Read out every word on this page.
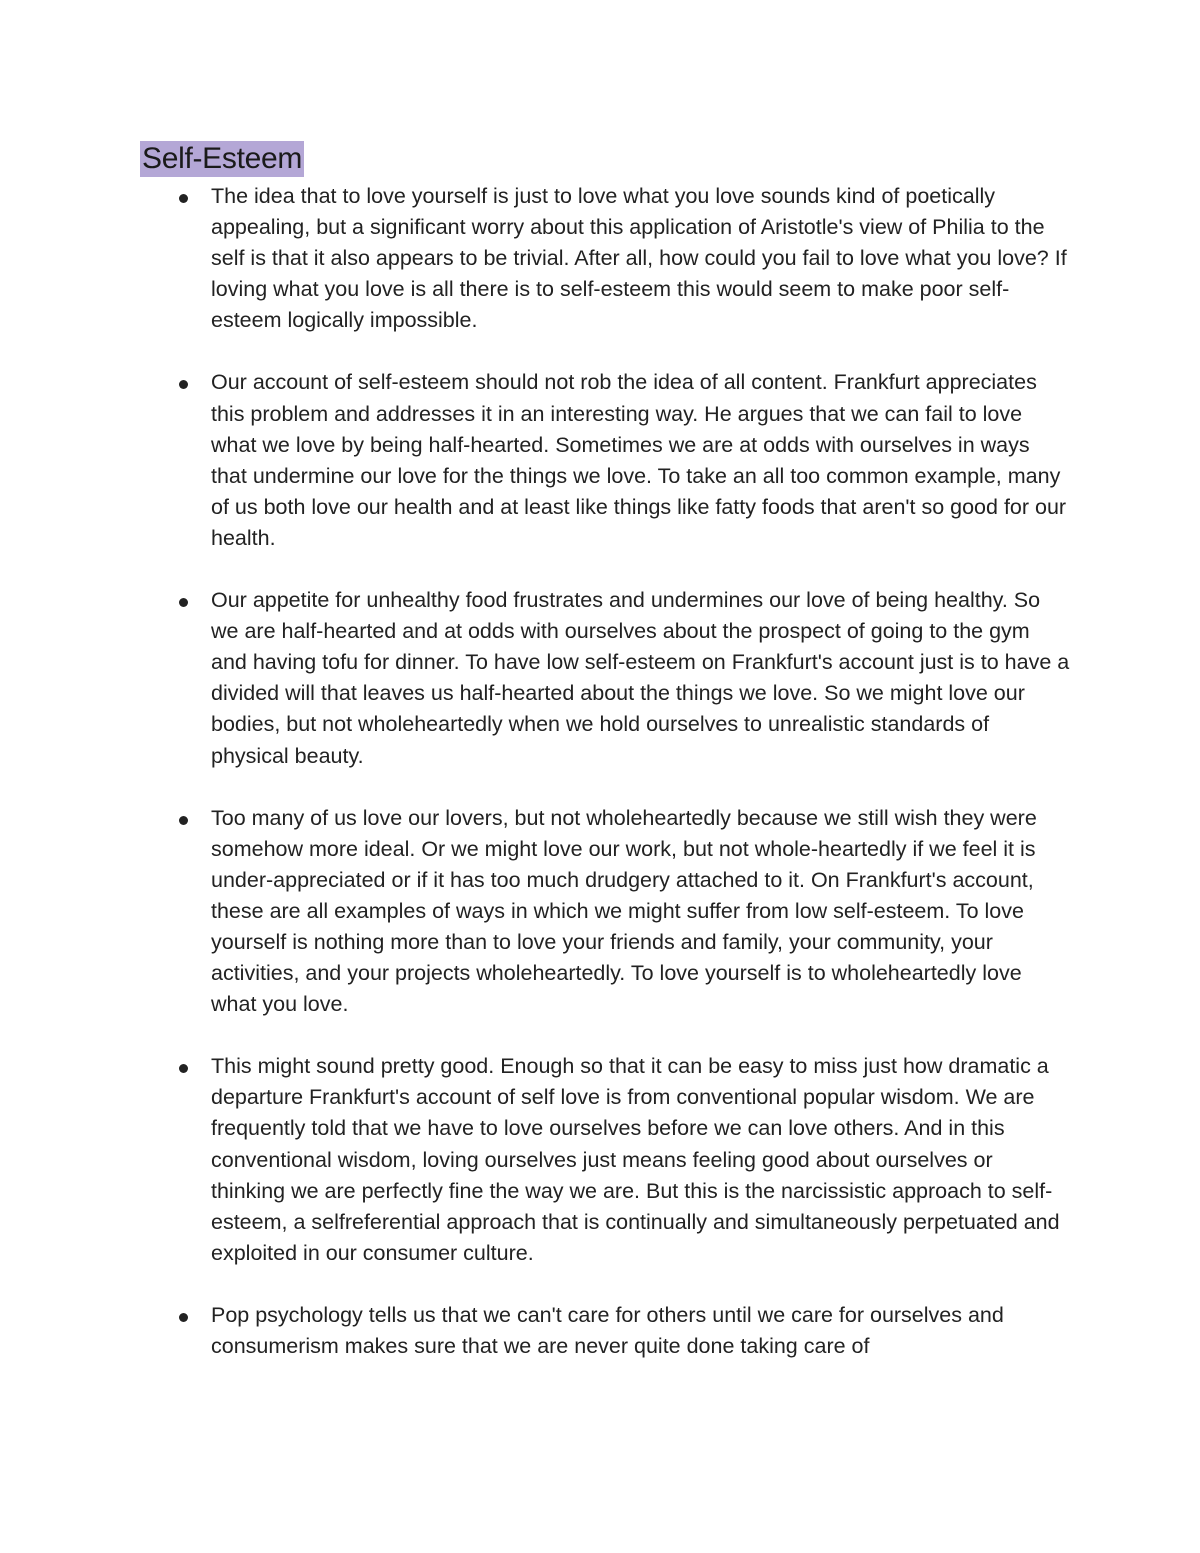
Self-Esteem
The idea that to love yourself is just to love what you love sounds kind of poetically appealing, but a significant worry about this application of Aristotle's view of Philia to the self is that it also appears to be trivial. After all, how could you fail to love what you love? If loving what you love is all there is to self-esteem this would seem to make poor self-esteem logically impossible.
Our account of self-esteem should not rob the idea of all content. Frankfurt appreciates this problem and addresses it in an interesting way. He argues that we can fail to love what we love by being half-hearted. Sometimes we are at odds with ourselves in ways that undermine our love for the things we love. To take an all too common example, many of us both love our health and at least like things like fatty foods that aren't so good for our health.
Our appetite for unhealthy food frustrates and undermines our love of being healthy. So we are half-hearted and at odds with ourselves about the prospect of going to the gym and having tofu for dinner. To have low self-esteem on Frankfurt's account just is to have a divided will that leaves us half-hearted about the things we love. So we might love our bodies, but not wholeheartedly when we hold ourselves to unrealistic standards of physical beauty.
Too many of us love our lovers, but not wholeheartedly because we still wish they were somehow more ideal. Or we might love our work, but not whole-heartedly if we feel it is under-appreciated or if it has too much drudgery attached to it. On Frankfurt's account, these are all examples of ways in which we might suffer from low self-esteem. To love yourself is nothing more than to love your friends and family, your community, your activities, and your projects wholeheartedly. To love yourself is to wholeheartedly love what you love.
This might sound pretty good. Enough so that it can be easy to miss just how dramatic a departure Frankfurt's account of self love is from conventional popular wisdom. We are frequently told that we have to love ourselves before we can love others. And in this conventional wisdom, loving ourselves just means feeling good about ourselves or thinking we are perfectly fine the way we are. But this is the narcissistic approach to self-esteem, a selfreferential approach that is continually and simultaneously perpetuated and exploited in our consumer culture.
Pop psychology tells us that we can't care for others until we care for ourselves and consumerism makes sure that we are never quite done taking care of
